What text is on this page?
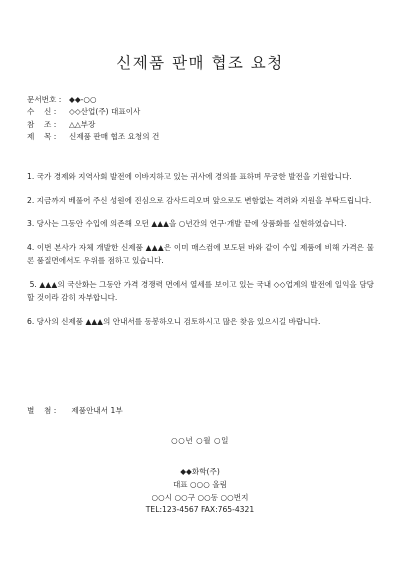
신제품 판매 협조 요청
문서번호 :	◆◆-○○
수    신 :	◇◇산업(주) 대표이사
참    조 :	△△부장
제    목 :	신제품 판매 협조 요청의 건

1. 국가 경제와 지역사회 발전에 이바지하고 있는 귀사에 경의를 표하며 무궁한 발전을 기원합니다.

2. 지금까지 베풀어 주신 성원에 진심으로 감사드리오며 앞으로도 변함없는 격려와 지원을 부탁드립니다.

3. 당사는 그동안 수입에 의존해 오던 ▲▲▲을 ○년간의 연구·개발 끝에 상품화를 실현하였습니다.

4. 이번 본사가 자체 개발한 신제품 ▲▲▲은 이미 매스컴에 보도된 바와 같이 수입 제품에 비해 가격은 물론 품질면에서도 우위를 점하고 있습니다.

5. ▲▲▲의 국산화는 그동안 가격 경쟁력 면에서 열세를 보이고 있는 국내 ◇◇업계의 발전에 일익을 담당할 것이라 감히 자부합니다.

6. 당사의 신제품 ▲▲▲의 안내서를 동봉하오니 검토하시고 많은 찾음 있으시길 바랍니다.

별    첨 : 제품안내서 1부
○○년 ○월 ○일
◆◆화학(주)
대표 ○○○ 올림
○○시 ○○구 ○○동 ○○번지
TEL:123-4567 FAX:765-4321
